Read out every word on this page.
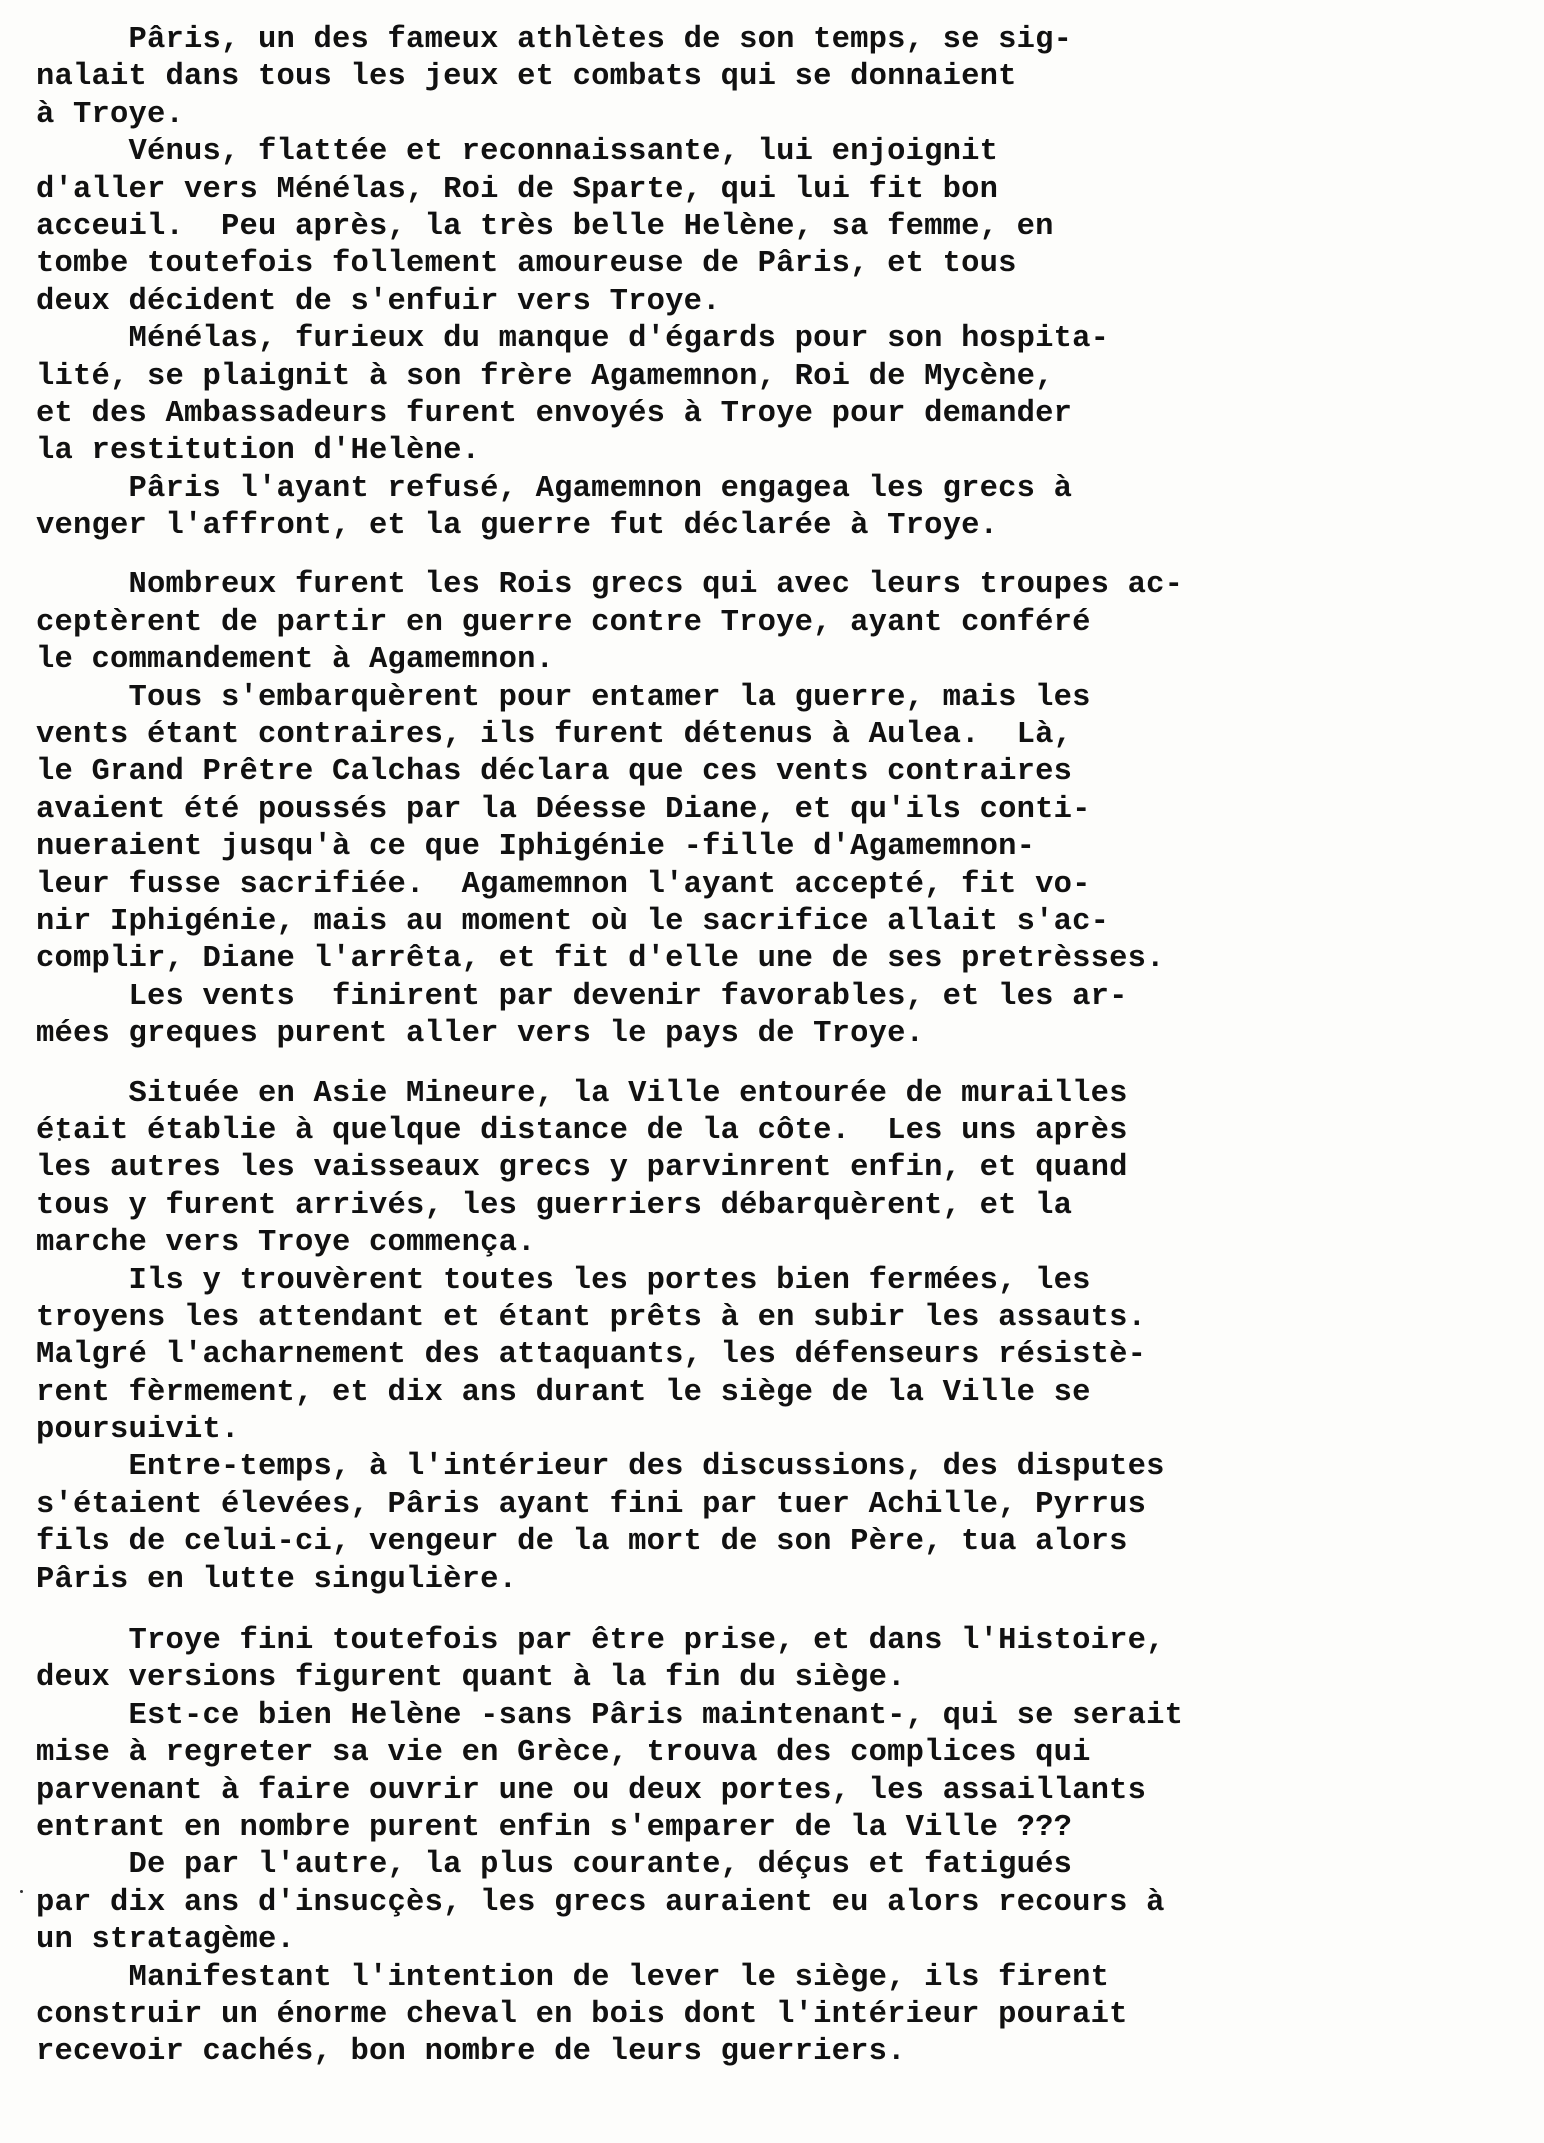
Pâris, un des fameux athlètes de son temps, se sig-
nalait dans tous les jeux et combats qui se donnaient
à Troye.
Vénus, flattée et reconnaissante, lui enjoignit
d'aller vers Ménélas, Roi de Sparte, qui lui fit bon
acceuil.  Peu après, la très belle Helène, sa femme, en
tombe toutefois follement amoureuse de Pâris, et tous
deux décident de s'enfuir vers Troye.
Ménélas, furieux du manque d'égards pour son hospita-
lité, se plaignit à son frère Agamemnon, Roi de Mycène,
et des Ambassadeurs furent envoyés à Troye pour demander
la restitution d'Helène.
Pâris l'ayant refusé, Agamemnon engagea les grecs à
venger l'affront, et la guerre fut déclarée à Troye.
Nombreux furent les Rois grecs qui avec leurs troupes ac-
ceptèrent de partir en guerre contre Troye, ayant conféré
le commandement à Agamemnon.
Tous s'embarquèrent pour entamer la guerre, mais les
vents étant contraires, ils furent détenus à Aulea.  Là,
le Grand Prêtre Calchas déclara que ces vents contraires
avaient été poussés par la Déesse Diane, et qu'ils conti-
nueraient jusqu'à ce que Iphigénie -fille d'Agamemnon-
leur fusse sacrifiée.  Agamemnon l'ayant accepté, fit vo-
nir Iphigénie, mais au moment où le sacrifice allait s'ac-
complir, Diane l'arrêta, et fit d'elle une de ses pretrèsses.
Les vents  finirent par devenir favorables, et les ar-
mées greques purent aller vers le pays de Troye.
Située en Asie Mineure, la Ville entourée de murailles
était établie à quelque distance de la côte.  Les uns après
les autres les vaisseaux grecs y parvinrent enfin, et quand
tous y furent arrivés, les guerriers débarquèrent, et la
marche vers Troye commença.
Ils y trouvèrent toutes les portes bien fermées, les
troyens les attendant et étant prêts à en subir les assauts.
Malgré l'acharnement des attaquants, les défenseurs résistè-
rent fèrmement, et dix ans durant le siège de la Ville se
poursuivit.
Entre-temps, à l'intérieur des discussions, des disputes
s'étaient élevées, Pâris ayant fini par tuer Achille, Pyrrus
fils de celui-ci, vengeur de la mort de son Père, tua alors
Pâris en lutte singulière.
Troye fini toutefois par être prise, et dans l'Histoire,
deux versions figurent quant à la fin du siège.
Est-ce bien Helène -sans Pâris maintenant-, qui se serait
mise à regreter sa vie en Grèce, trouva des complices qui
parvenant à faire ouvrir une ou deux portes, les assaillants
entrant en nombre purent enfin s'emparer de la Ville ???
De par l'autre, la plus courante, déçus et fatigués
par dix ans d'insucçès, les grecs auraient eu alors recours à
un stratagème.
Manifestant l'intention de lever le siège, ils firent
construir un énorme cheval en bois dont l'intérieur pourait
recevoir cachés, bon nombre de leurs guerriers.
